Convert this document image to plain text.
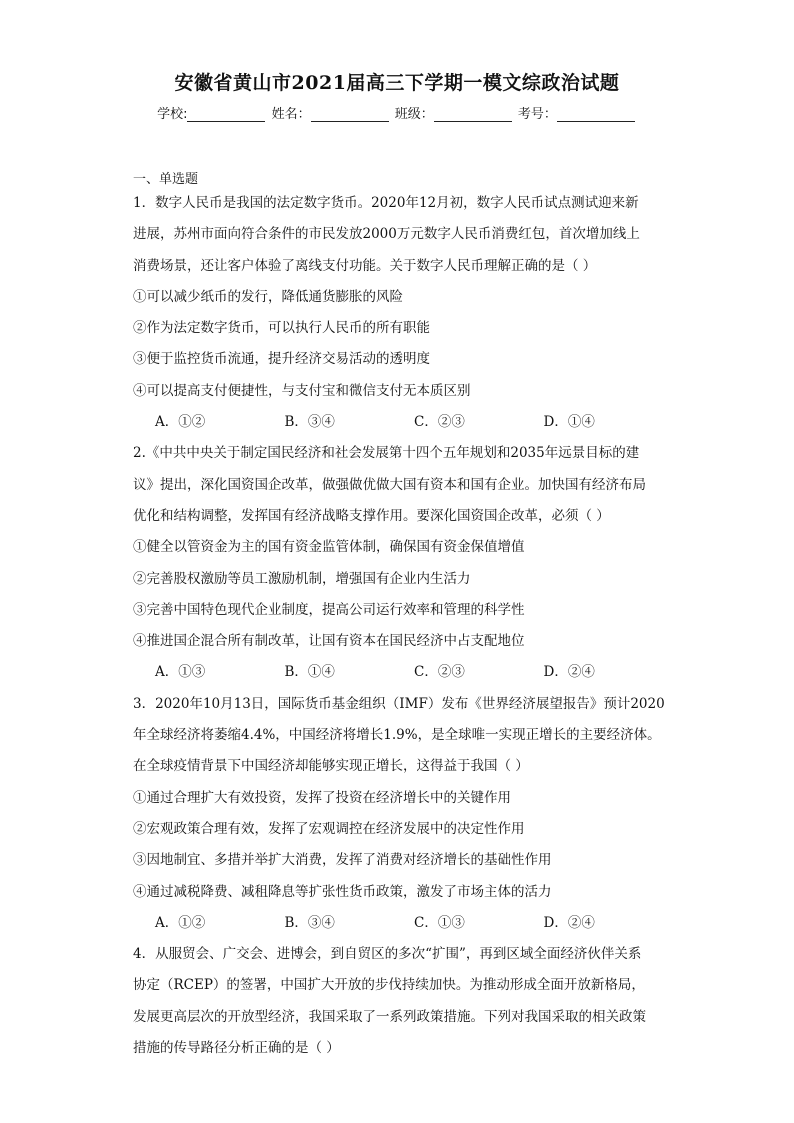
安徽省黄山市2021届高三下学期一模文综政治试题
学校:	姓名：	班级：	考号：
一、单选题
1．数字人民币是我国的法定数字货币。2020年12月初，数字人民币试点测试迎来新
进展，苏州市面向符合条件的市民发放2000万元数字人民币消费红包，首次增加线上
消费场景，还让客户体验了离线支付功能。关于数字人民币理解正确的是（ ）
①可以减少纸币的发行，降低通货膨胀的风险
②作为法定数字货币，可以执行人民币的所有职能
③便于监控货币流通，提升经济交易活动的透明度
④可以提高支付便捷性，与支付宝和微信支付无本质区别
A．①②	B．③④	C．②③	D．①④
2.《中共中央关于制定国民经济和社会发展第十四个五年规划和2035年远景目标的建
议》提出，深化国资国企改革，做强做优做大国有资本和国有企业。加快国有经济布局
优化和结构调整，发挥国有经济战略支撑作用。要深化国资国企改革，必须（ ）
①健全以管资金为主的国有资金监管体制，确保国有资金保值增值
②完善股权激励等员工激励机制，增强国有企业内生活力
③完善中国特色现代企业制度，提高公司运行效率和管理的科学性
④推进国企混合所有制改革，让国有资本在国民经济中占支配地位
A．①③	B．①④	C．②③	D．②④
3．2020年10月13日，国际货币基金组织（IMF）发布《世界经济展望报告》预计2020
年全球经济将萎缩4.4%，中国经济将增长1.9%，是全球唯一实现正增长的主要经济体。
在全球疫情背景下中国经济却能够实现正增长，这得益于我国（ ）
①通过合理扩大有效投资，发挥了投资在经济增长中的关键作用
②宏观政策合理有效，发挥了宏观调控在经济发展中的决定性作用
③因地制宜、多措并举扩大消费，发挥了消费对经济增长的基础性作用
④通过减税降费、减租降息等扩张性货币政策，激发了市场主体的活力
A．①②	B．③④	C．①③	D．②④
4．从服贸会、广交会、进博会，到自贸区的多次“扩围”，再到区域全面经济伙伴关系
协定（RCEP）的签署，中国扩大开放的步伐持续加快。为推动形成全面开放新格局，
发展更高层次的开放型经济，我国采取了一系列政策措施。下列对我国采取的相关政策
措施的传导路径分析正确的是（ ）
